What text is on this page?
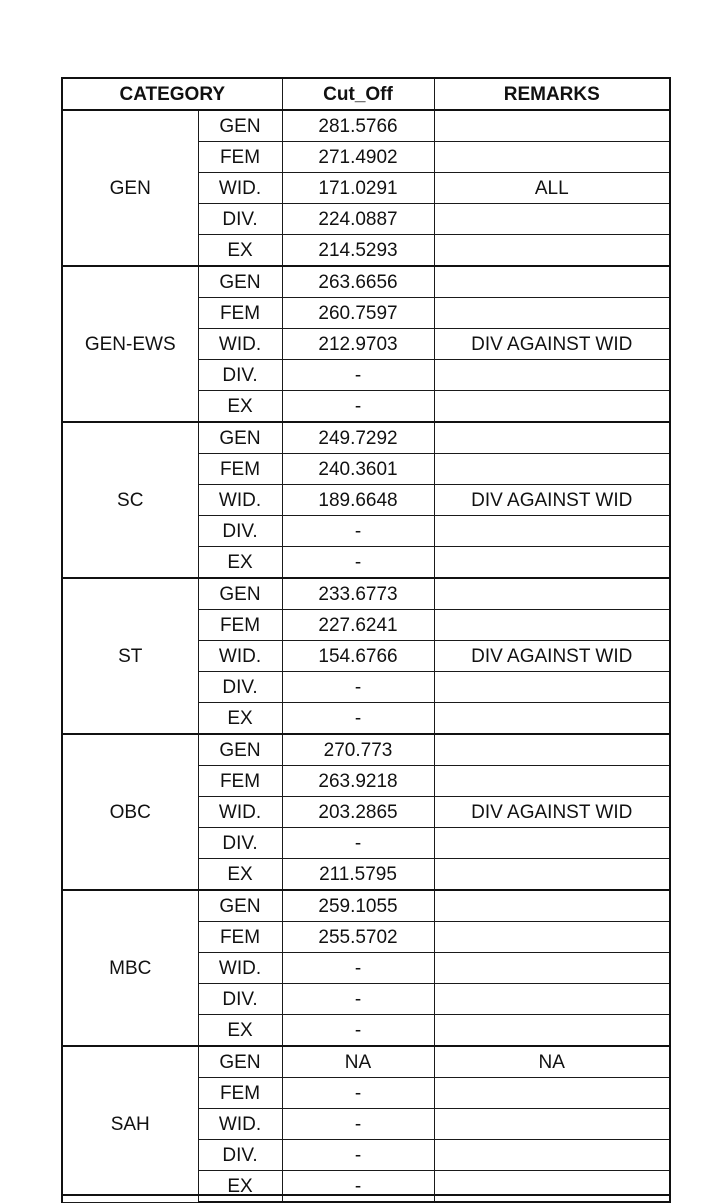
CATEGORY		Cut_Off	REMARKS
GEN	GEN	281.5766	
	FEM	271.4902	
	WID.	171.0291	ALL
	DIV.	224.0887	
	EX	214.5293	
GEN-EWS	GEN	263.6656	
	FEM	260.7597	
	WID.	212.9703	DIV AGAINST WID
	DIV.	-	
	EX	-	
SC	GEN	249.7292	
	FEM	240.3601	
	WID.	189.6648	DIV AGAINST WID
	DIV.	-	
	EX	-	
ST	GEN	233.6773	
	FEM	227.6241	
	WID.	154.6766	DIV AGAINST WID
	DIV.	-	
	EX	-	
OBC	GEN	270.773	
	FEM	263.9218	
	WID.	203.2865	DIV AGAINST WID
	DIV.	-	
	EX	211.5795	
MBC	GEN	259.1055	
	FEM	255.5702	
	WID.	-	
	DIV.	-	
	EX	-	
SAH	GEN	NA	NA
	FEM	-	
	WID.	-	
	DIV.	-	
	EX	-	
